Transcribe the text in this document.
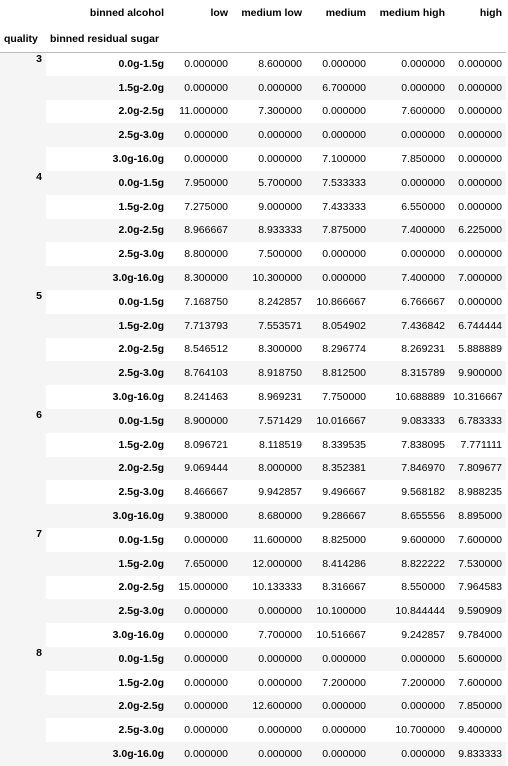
	binned alcohol	low	medium low	medium	medium high	high
quality	binned residual sugar					
3	0.0g-1.5g	0.000000	8.600000	0.000000	0.000000	0.000000
	1.5g-2.0g	0.000000	0.000000	6.700000	0.000000	0.000000
	2.0g-2.5g	11.000000	7.300000	0.000000	7.600000	0.000000
	2.5g-3.0g	0.000000	0.000000	0.000000	0.000000	0.000000
	3.0g-16.0g	0.000000	0.000000	7.100000	7.850000	0.000000
4	0.0g-1.5g	7.950000	5.700000	7.533333	0.000000	0.000000
	1.5g-2.0g	7.275000	9.000000	7.433333	6.550000	0.000000
	2.0g-2.5g	8.966667	8.933333	7.875000	7.400000	6.225000
	2.5g-3.0g	8.800000	7.500000	0.000000	0.000000	0.000000
	3.0g-16.0g	8.300000	10.300000	0.000000	7.400000	7.000000
5	0.0g-1.5g	7.168750	8.242857	10.866667	6.766667	0.000000
	1.5g-2.0g	7.713793	7.553571	8.054902	7.436842	6.744444
	2.0g-2.5g	8.546512	8.300000	8.296774	8.269231	5.888889
	2.5g-3.0g	8.764103	8.918750	8.812500	8.315789	9.900000
	3.0g-16.0g	8.241463	8.969231	7.750000	10.688889	10.316667
6	0.0g-1.5g	8.900000	7.571429	10.016667	9.083333	6.783333
	1.5g-2.0g	8.096721	8.118519	8.339535	7.838095	7.771111
	2.0g-2.5g	9.069444	8.000000	8.352381	7.846970	7.809677
	2.5g-3.0g	8.466667	9.942857	9.496667	9.568182	8.988235
	3.0g-16.0g	9.380000	8.680000	9.286667	8.655556	8.895000
7	0.0g-1.5g	0.000000	11.600000	8.825000	9.600000	7.600000
	1.5g-2.0g	7.650000	12.000000	8.414286	8.822222	7.530000
	2.0g-2.5g	15.000000	10.133333	8.316667	8.550000	7.964583
	2.5g-3.0g	0.000000	0.000000	10.100000	10.844444	9.590909
	3.0g-16.0g	0.000000	7.700000	10.516667	9.242857	9.784000
8	0.0g-1.5g	0.000000	0.000000	0.000000	0.000000	5.600000
	1.5g-2.0g	0.000000	0.000000	7.200000	7.200000	7.600000
	2.0g-2.5g	0.000000	12.600000	0.000000	0.000000	7.850000
	2.5g-3.0g	0.000000	0.000000	0.000000	10.700000	9.400000
	3.0g-16.0g	0.000000	0.000000	0.000000	0.000000	9.833333
